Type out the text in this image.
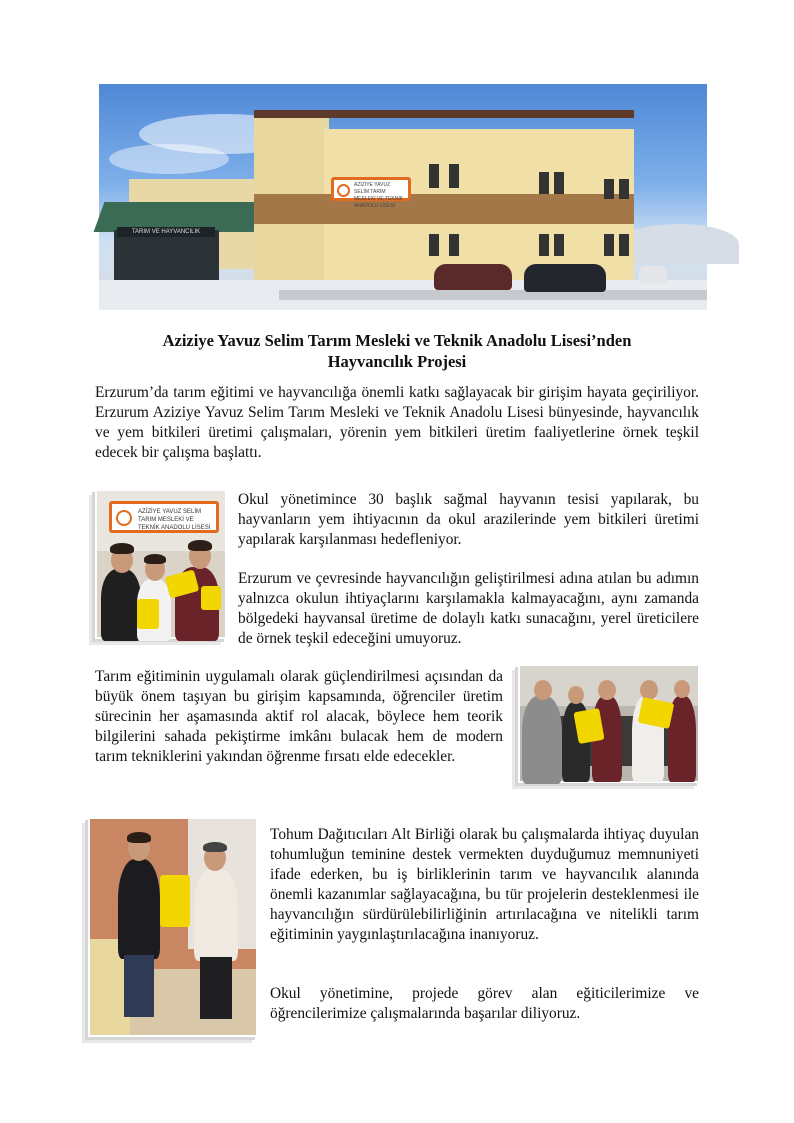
TARIM VE HAYVANCILIK
AZİZİYE YAVUZ SELİM TARIM MESLEKİ VE TEKNİK ANADOLU LİSESİ
Aziziye Yavuz Selim Tarım Mesleki ve Teknik Anadolu Lisesi’nden
Hayvancılık Projesi

Erzurum’da tarım eğitimi ve hayvancılığa önemli katkı sağlayacak bir girişim hayata geçiriliyor. Erzurum Aziziye Yavuz Selim Tarım Mesleki ve Teknik Anadolu Lisesi bünyesinde, hayvancılık ve yem bitkileri üretimi çalışmaları, yörenin yem bitkileri üretim faaliyetlerine örnek teşkil edecek bir çalışma başlattı.

AZİZİYE YAVUZ SELİM TARIM MESLEKİ VE TEKNİK ANADOLU LİSESİ

Okul yönetimince 30 başlık sağmal hayvanın tesisi yapılarak, bu hayvanların yem ihtiyacının da okul arazilerinde yem bitkileri üretimi yapılarak karşılanması hedefleniyor.

Erzurum ve çevresinde hayvancılığın geliştirilmesi adına atılan bu adımın yalnızca okulun ihtiyaçlarını karşılamakla kalmayacağını, aynı zamanda bölgedeki hayvansal üretime de dolaylı katkı sunacağını, yerel üreticilere de örnek teşkil edeceğini umuyoruz.

Tarım eğitiminin uygulamalı olarak güçlendirilmesi açısından da büyük önem taşıyan bu girişim kapsamında, öğrenciler üretim sürecinin her aşamasında aktif rol alacak, böylece hem teorik bilgilerini sahada pekiştirme imkânı bulacak hem de modern tarım tekniklerini yakından öğrenme fırsatı elde edecekler.

Tohum Dağıtıcıları Alt Birliği olarak bu çalışmalarda ihtiyaç duyulan tohumluğun teminine destek vermekten duyduğumuz memnuniyeti ifade ederken, bu iş birliklerinin tarım ve hayvancılık alanında önemli kazanımlar sağlayacağına, bu tür projelerin desteklenmesi ile hayvancılığın sürdürülebilirliğinin artırılacağına ve nitelikli tarım eğitiminin yaygınlaştırılacağına inanıyoruz.

Okul yönetimine, projede görev alan eğiticilerimize ve öğrencilerimize çalışmalarında başarılar diliyoruz.
